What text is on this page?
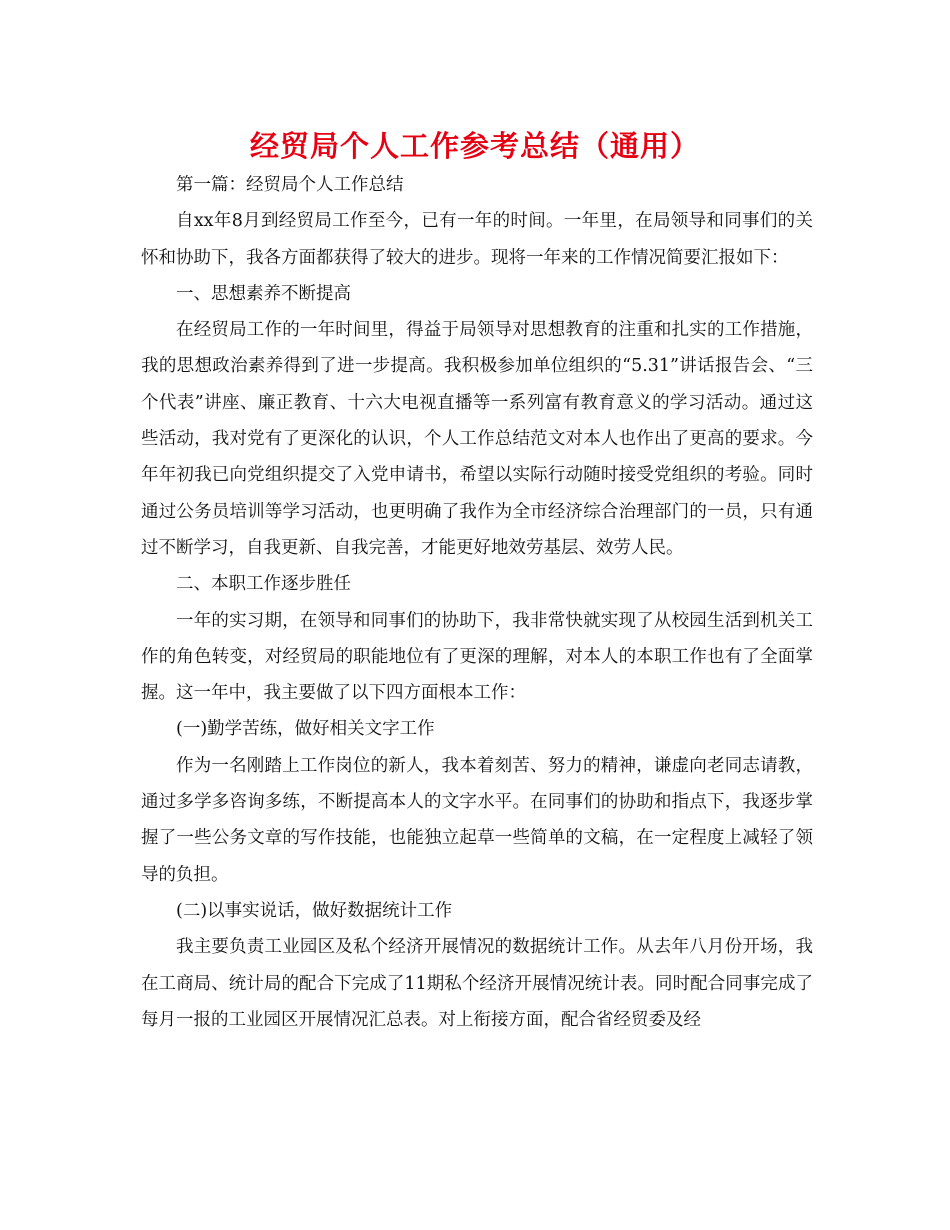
经贸局个人工作参考总结（通用）

第一篇：经贸局个人工作总结

自xx年8月到经贸局工作至今，已有一年的时间。一年里，在局领导和同事们的关怀和协助下，我各方面都获得了较大的进步。现将一年来的工作情况简要汇报如下：

一、思想素养不断提高

在经贸局工作的一年时间里，得益于局领导对思想教育的注重和扎实的工作措施，我的思想政治素养得到了进一步提高。我积极参加单位组织的“5.31”讲话报告会、“三个代表”讲座、廉正教育、十六大电视直播等一系列富有教育意义的学习活动。通过这些活动，我对党有了更深化的认识，个人工作总结范文对本人也作出了更高的要求。今年年初我已向党组织提交了入党申请书，希望以实际行动随时接受党组织的考验。同时通过公务员培训等学习活动，也更明确了我作为全市经济综合治理部门的一员，只有通过不断学习，自我更新、自我完善，才能更好地效劳基层、效劳人民。

二、本职工作逐步胜任

一年的实习期，在领导和同事们的协助下，我非常快就实现了从校园生活到机关工作的角色转变，对经贸局的职能地位有了更深的理解，对本人的本职工作也有了全面掌握。这一年中，我主要做了以下四方面根本工作：

(一)勤学苦练，做好相关文字工作

作为一名刚踏上工作岗位的新人，我本着刻苦、努力的精神，谦虚向老同志请教，通过多学多咨询多练，不断提高本人的文字水平。在同事们的协助和指点下，我逐步掌握了一些公务文章的写作技能，也能独立起草一些简单的文稿，在一定程度上减轻了领导的负担。

(二)以事实说话，做好数据统计工作

我主要负责工业园区及私个经济开展情况的数据统计工作。从去年八月份开场，我在工商局、统计局的配合下完成了11期私个经济开展情况统计表。同时配合同事完成了每月一报的工业园区开展情况汇总表。对上衔接方面，配合省经贸委及经
